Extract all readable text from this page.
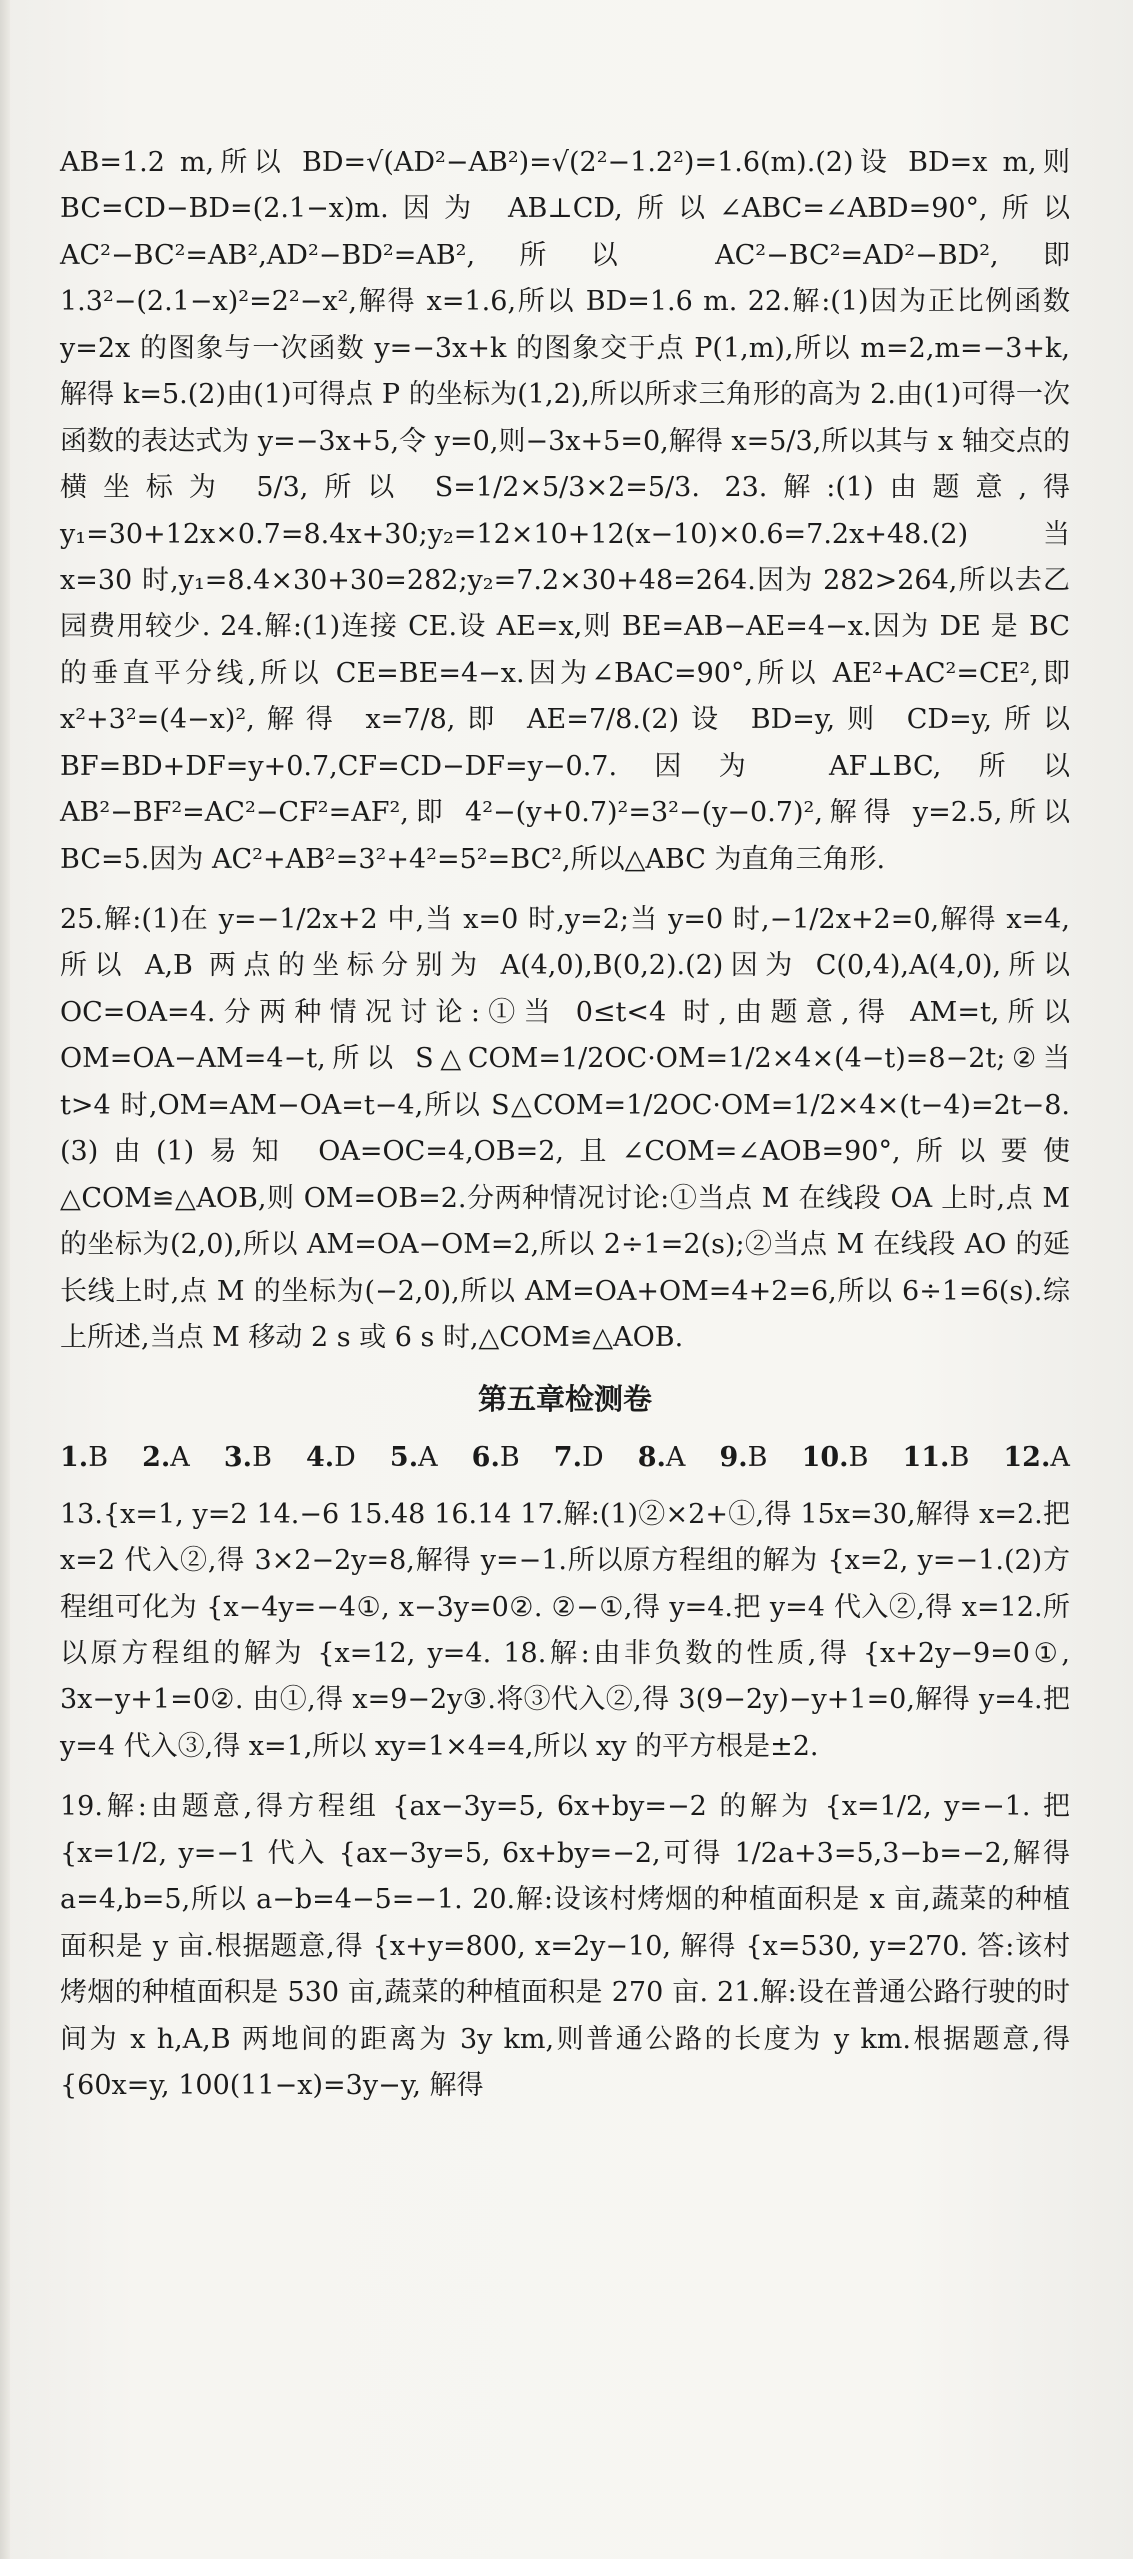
AB=1.2 m,所以 BD=√(AD²−AB²)=√(2²−1.2²)=1.6(m).(2)设 BD=x m,则 BC=CD−BD=(2.1−x)m.因为 AB⊥CD,所以∠ABC=∠ABD=90°,所以 AC²−BC²=AB²,AD²−BD²=AB²,所以 AC²−BC²=AD²−BD²,即 1.3²−(2.1−x)²=2²−x²,解得 x=1.6,所以 BD=1.6 m. 22.解:(1)因为正比例函数 y=2x 的图象与一次函数 y=−3x+k 的图象交于点 P(1,m),所以 m=2,m=−3+k,解得 k=5.(2)由(1)可得点 P 的坐标为(1,2),所以所求三角形的高为 2.由(1)可得一次函数的表达式为 y=−3x+5,令 y=0,则−3x+5=0,解得 x=5/3,所以其与 x 轴交点的横坐标为 5/3,所以 S=1/2×5/3×2=5/3. 23.解:(1)由题意,得 y₁=30+12x×0.7=8.4x+30;y₂=12×10+12(x−10)×0.6=7.2x+48.(2)当 x=30 时,y₁=8.4×30+30=282;y₂=7.2×30+48=264.因为 282>264,所以去乙园费用较少. 24.解:(1)连接 CE.设 AE=x,则 BE=AB−AE=4−x.因为 DE 是 BC 的垂直平分线,所以 CE=BE=4−x.因为∠BAC=90°,所以 AE²+AC²=CE²,即 x²+3²=(4−x)²,解得 x=7/8,即 AE=7/8.(2)设 BD=y,则 CD=y,所以 BF=BD+DF=y+0.7,CF=CD−DF=y−0.7.因为 AF⊥BC,所以 AB²−BF²=AC²−CF²=AF²,即 4²−(y+0.7)²=3²−(y−0.7)²,解得 y=2.5,所以 BC=5.因为 AC²+AB²=3²+4²=5²=BC²,所以△ABC 为直角三角形.

25.解:(1)在 y=−1/2x+2 中,当 x=0 时,y=2;当 y=0 时,−1/2x+2=0,解得 x=4,所以 A,B 两点的坐标分别为 A(4,0),B(0,2).(2)因为 C(0,4),A(4,0),所以 OC=OA=4.分两种情况讨论:①当 0≤t<4 时,由题意,得 AM=t,所以 OM=OA−AM=4−t,所以 S△COM=1/2OC·OM=1/2×4×(4−t)=8−2t;②当 t>4 时,OM=AM−OA=t−4,所以 S△COM=1/2OC·OM=1/2×4×(t−4)=2t−8.(3)由(1)易知 OA=OC=4,OB=2,且∠COM=∠AOB=90°,所以要使△COM≌△AOB,则 OM=OB=2.分两种情况讨论:①当点 M 在线段 OA 上时,点 M 的坐标为(2,0),所以 AM=OA−OM=2,所以 2÷1=2(s);②当点 M 在线段 AO 的延长线上时,点 M 的坐标为(−2,0),所以 AM=OA+OM=4+2=6,所以 6÷1=6(s).综上所述,当点 M 移动 2 s 或 6 s 时,△COM≌△AOB.

第五章检测卷
1.B 2.A 3.B 4.D 5.A 6.B 7.D 8.A 9.B 10.B 11.B 12.A

13.{x=1, y=2 14.−6 15.48 16.14 17.解:(1)②×2+①,得 15x=30,解得 x=2.把 x=2 代入②,得 3×2−2y=8,解得 y=−1.所以原方程组的解为 {x=2, y=−1.(2)方程组可化为 {x−4y=−4①, x−3y=0②. ②−①,得 y=4.把 y=4 代入②,得 x=12.所以原方程组的解为 {x=12, y=4. 18.解:由非负数的性质,得 {x+2y−9=0①, 3x−y+1=0②. 由①,得 x=9−2y③.将③代入②,得 3(9−2y)−y+1=0,解得 y=4.把 y=4 代入③,得 x=1,所以 xy=1×4=4,所以 xy 的平方根是±2.

19.解:由题意,得方程组 {ax−3y=5, 6x+by=−2 的解为 {x=1/2, y=−1. 把 {x=1/2, y=−1 代入 {ax−3y=5, 6x+by=−2,可得 1/2a+3=5,3−b=−2,解得 a=4,b=5,所以 a−b=4−5=−1. 20.解:设该村烤烟的种植面积是 x 亩,蔬菜的种植面积是 y 亩.根据题意,得 {x+y=800, x=2y−10, 解得 {x=530, y=270. 答:该村烤烟的种植面积是 530 亩,蔬菜的种植面积是 270 亩. 21.解:设在普通公路行驶的时间为 x h,A,B 两地间的距离为 3y km,则普通公路的长度为 y km.根据题意,得 {60x=y, 100(11−x)=3y−y, 解得
